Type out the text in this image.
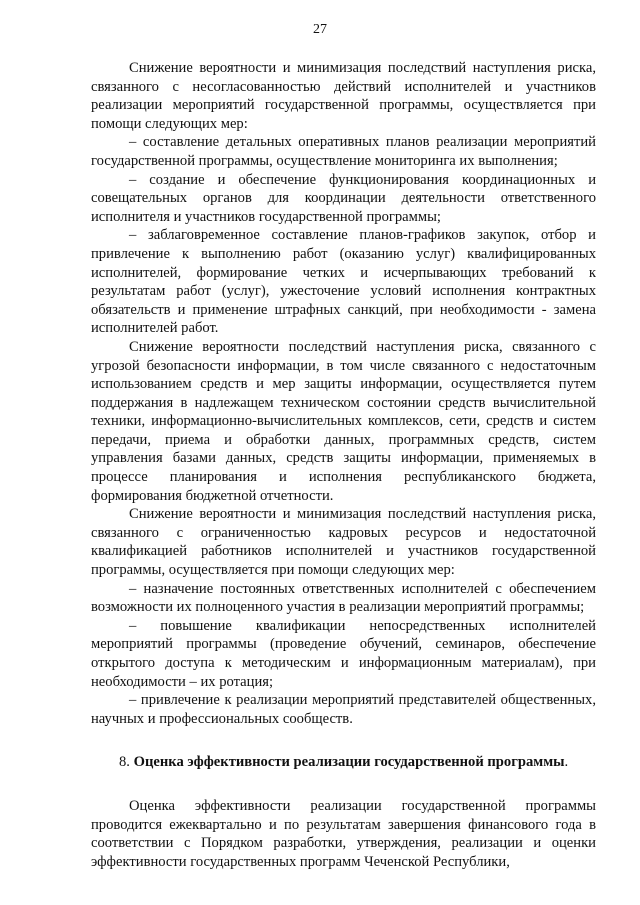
27

Снижение вероятности и минимизация последствий наступления риска, связанного с несогласованностью действий исполнителей и участников реализации мероприятий государственной программы, осуществляется при помощи следующих мер:

– составление детальных оперативных планов реализации мероприятий государственной программы, осуществление мониторинга их выполнения;

– создание и обеспечение функционирования координационных и совещательных органов для координации деятельности ответственного исполнителя и участников государственной программы;

– заблаговременное составление планов-графиков закупок, отбор и привлечение к выполнению работ (оказанию услуг) квалифицированных исполнителей, формирование четких и исчерпывающих требований к результатам работ (услуг), ужесточение условий исполнения контрактных обязательств и применение штрафных санкций, при необходимости - замена исполнителей работ.

Снижение вероятности последствий наступления риска, связанного с угрозой безопасности информации, в том числе связанного с недостаточным использованием средств и мер защиты информации, осуществляется путем поддержания в надлежащем техническом состоянии средств вычислительной техники, информационно-вычислительных комплексов, сети, средств и систем передачи, приема и обработки данных, программных средств, систем управления базами данных, средств защиты информации, применяемых в процессе планирования и исполнения республиканского бюджета, формирования бюджетной отчетности.

Снижение вероятности и минимизация последствий наступления риска, связанного с ограниченностью кадровых ресурсов и недостаточной квалификацией работников исполнителей и участников государственной программы, осуществляется при помощи следующих мер:

– назначение постоянных ответственных исполнителей с обеспечением возможности их полноценного участия в реализации мероприятий программы;

– повышение квалификации непосредственных исполнителей мероприятий программы (проведение обучений, семинаров, обеспечение открытого доступа к методическим и информационным материалам), при необходимости – их ротация;

– привлечение к реализации мероприятий представителей общественных, научных и профессиональных сообществ.

8. Оценка эффективности реализации государственной программы.

Оценка эффективности реализации государственной программы проводится ежеквартально и по результатам завершения финансового года в соответствии с Порядком разработки, утверждения, реализации и оценки эффективности государственных программ Чеченской Республики,
